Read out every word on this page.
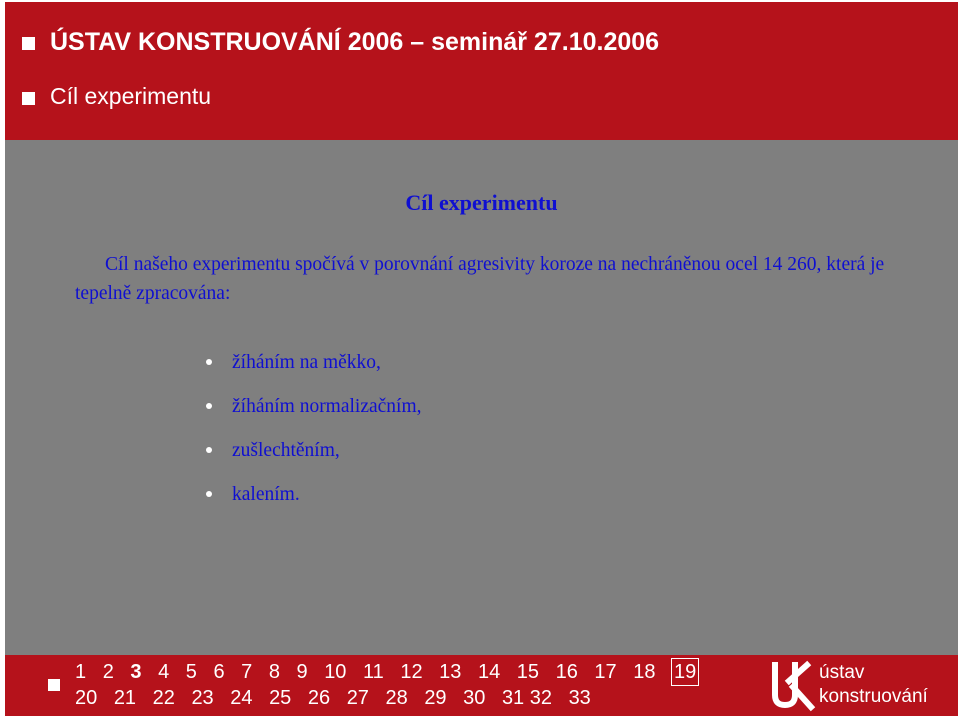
ÚSTAV KONSTRUOVÁNÍ 2006 – seminář 27.10.2006
Cíl experimentu
Cíl experimentu
Cíl našeho experimentu spočívá v porovnání agresivity koroze na nechráněnou ocel 14 260, která je tepelně zpracována:
žíháním na měkko,
žíháním normalizačním,
zušlechtěním,
kalením.
1 2 3 4 5 6 7 8 9 10 11 12 13 14 15 16 17 18 19
20 21 22 23 24 25 26 27 28 29 30 31 32 33
ústav
konstruování
